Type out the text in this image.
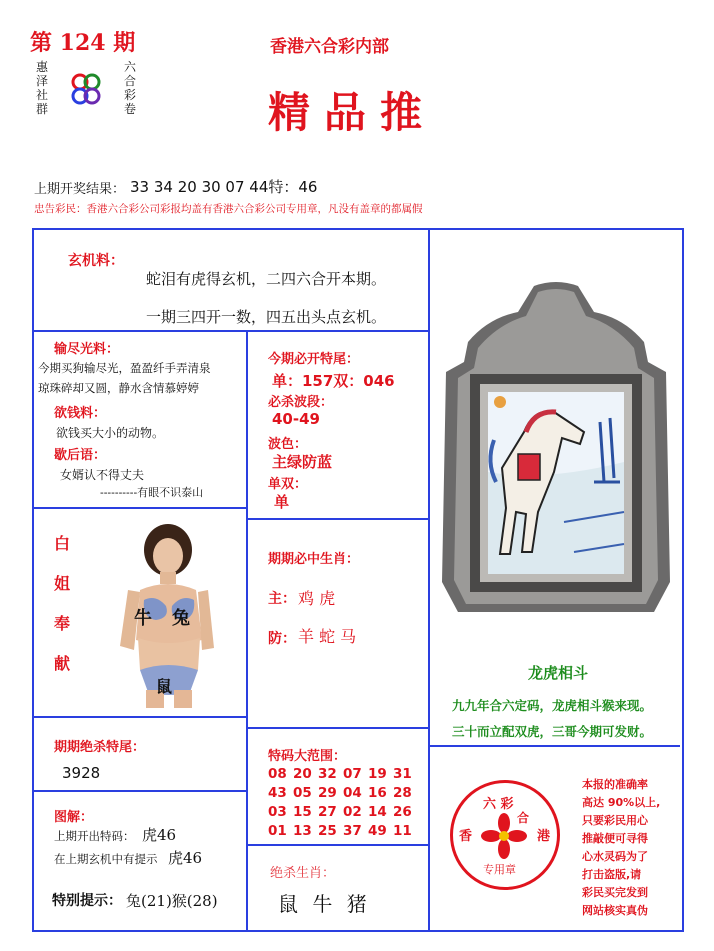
第 124 期
惠
泽
社
群
六
合
彩
卷
香港六合彩内部
精品推
上期开奖结果： 33 34 20 30 07 44特：46
忠告彩民：香港六合彩公司彩报均盖有香港六合彩公司专用章，凡没有盖章的都属假
玄机料：
蛇泪有虎得玄机，二四六合开本期。
一期三四开一数，四五出头点玄机。
输尽光料：
今期买狗输尽光，盈盈纤手弄清泉
琼珠碎却又圆，静水含情慕婷婷
欲钱料：
欲钱买大小的动物。
歇后语：
女婿认不得丈夫
----------有眼不识泰山
白
姐
奉
献
牛 兔
鼠
今期必开特尾：
单：157双：046
必杀波段：
40-49
波色：
主绿防蓝
单双：
单
期期必中生肖：
主： 鸡 虎
防： 羊 蛇 马
龙虎相斗
九九年合六定码，龙虎相斗猴来现。
三十而立配双虎，三哥今期可发财。
期期绝杀特尾：
3928
特码大范围：
08 20 32 07 19 31
43 05 29 04 16 28
03 15 27 02 14 26
01 13 25 37 49 11
图解：
上期开出特码： 虎46
在上期玄机中有提示 虎46
特别提示： 兔(21)猴(28)
绝杀生肖：
鼠 牛 猪
六 彩
香	港
合
专用章
本报的准确率
高达 90%以上,
只要彩民用心
推敲便可寻得
心水灵码为了
打击盗版,请
彩民买完发到
网站核实真伪
